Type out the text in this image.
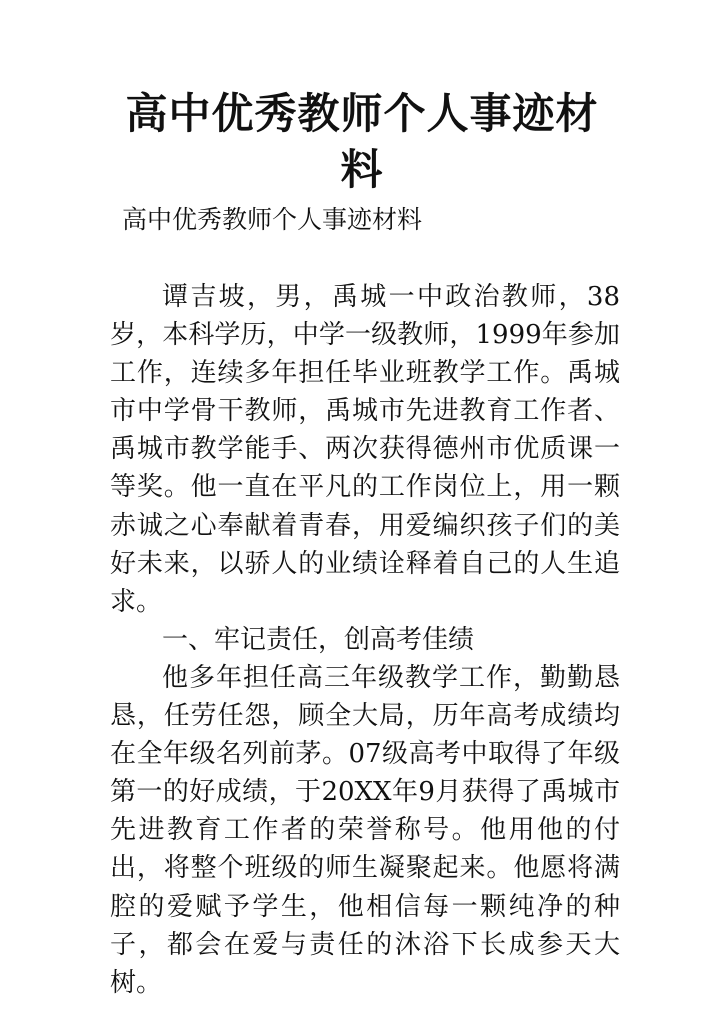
高中优秀教师个人事迹材料

高中优秀教师个人事迹材料

谭吉坡，男，禹城一中政治教师，38岁，本科学历，中学一级教师，1999年参加工作，连续多年担任毕业班教学工作。禹城市中学骨干教师，禹城市先进教育工作者、禹城市教学能手、两次获得德州市优质课一等奖。他一直在平凡的工作岗位上，用一颗赤诚之心奉献着青春，用爱编织孩子们的美好未来，以骄人的业绩诠释着自己的人生追求。

一、牢记责任，创高考佳绩

他多年担任高三年级教学工作，勤勤恳恳，任劳任怨，顾全大局，历年高考成绩均在全年级名列前茅。07级高考中取得了年级第一的好成绩，于20XX年9月获得了禹城市先进教育工作者的荣誉称号。他用他的付出，将整个班级的师生凝聚起来。他愿将满腔的爱赋予学生，他相信每一颗纯净的种子，都会在爱与责任的沐浴下长成参天大树。
